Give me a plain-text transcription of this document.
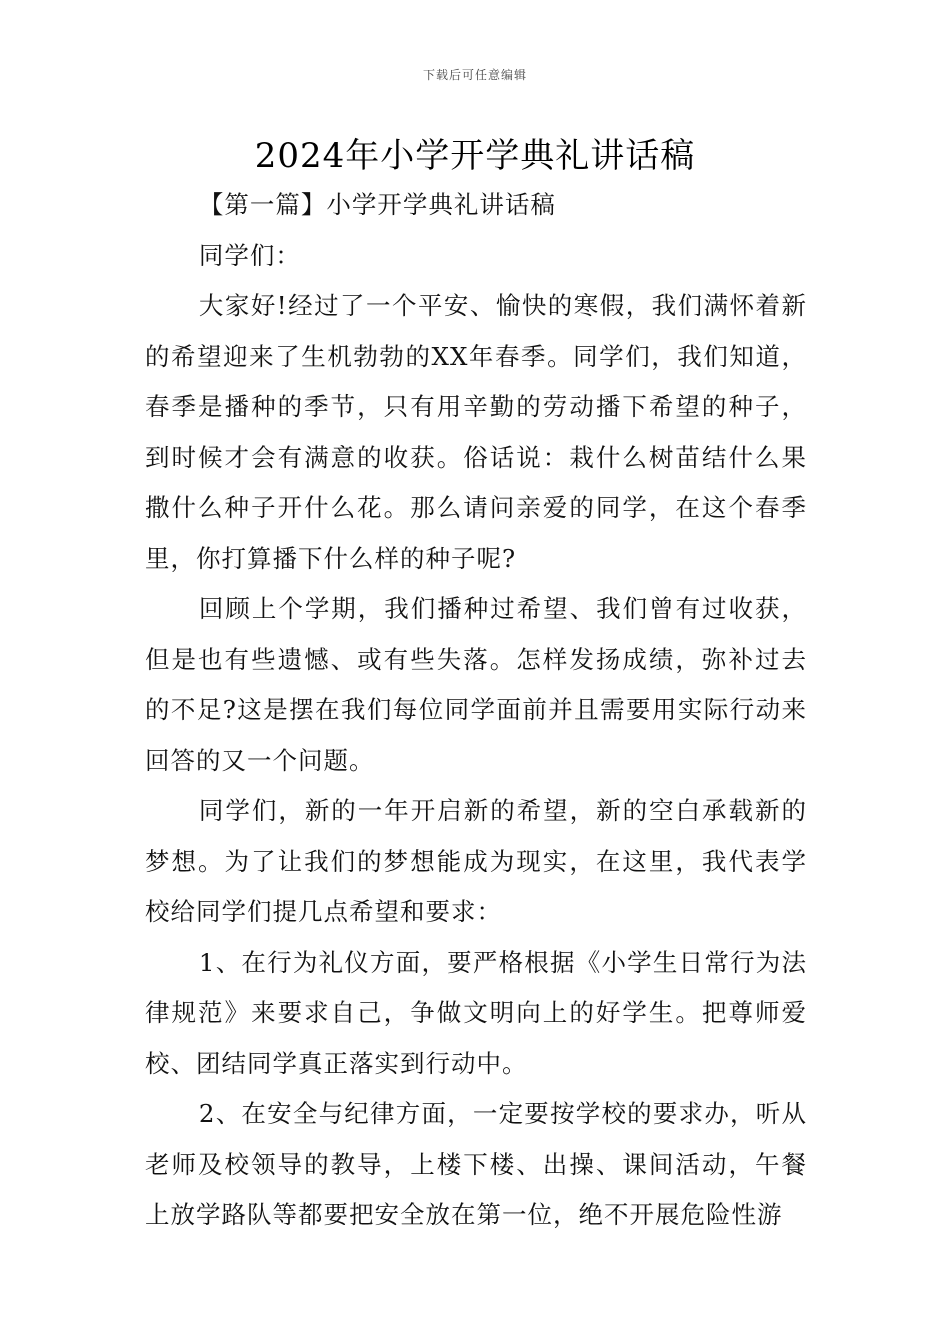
下载后可任意编辑
2024年小学开学典礼讲话稿

【第一篇】小学开学典礼讲话稿

同学们：

大家好!经过了一个平安、愉快的寒假，我们满怀着新的希望迎来了生机勃勃的XX年春季。同学们，我们知道，春季是播种的季节，只有用辛勤的劳动播下希望的种子，到时候才会有满意的收获。俗话说：栽什么树苗结什么果撒什么种子开什么花。那么请问亲爱的同学，在这个春季里，你打算播下什么样的种子呢?

回顾上个学期，我们播种过希望、我们曾有过收获，但是也有些遗憾、或有些失落。怎样发扬成绩，弥补过去的不足?这是摆在我们每位同学面前并且需要用实际行动来回答的又一个问题。

同学们，新的一年开启新的希望，新的空白承载新的梦想。为了让我们的梦想能成为现实，在这里，我代表学校给同学们提几点希望和要求：

1、在行为礼仪方面，要严格根据《小学生日常行为法律规范》来要求自己，争做文明向上的好学生。把尊师爱校、团结同学真正落实到行动中。

2、在安全与纪律方面，一定要按学校的要求办，听从老师及校领导的教导，上楼下楼、出操、课间活动，午餐上放学路队等都要把安全放在第一位，绝不开展危险性游
